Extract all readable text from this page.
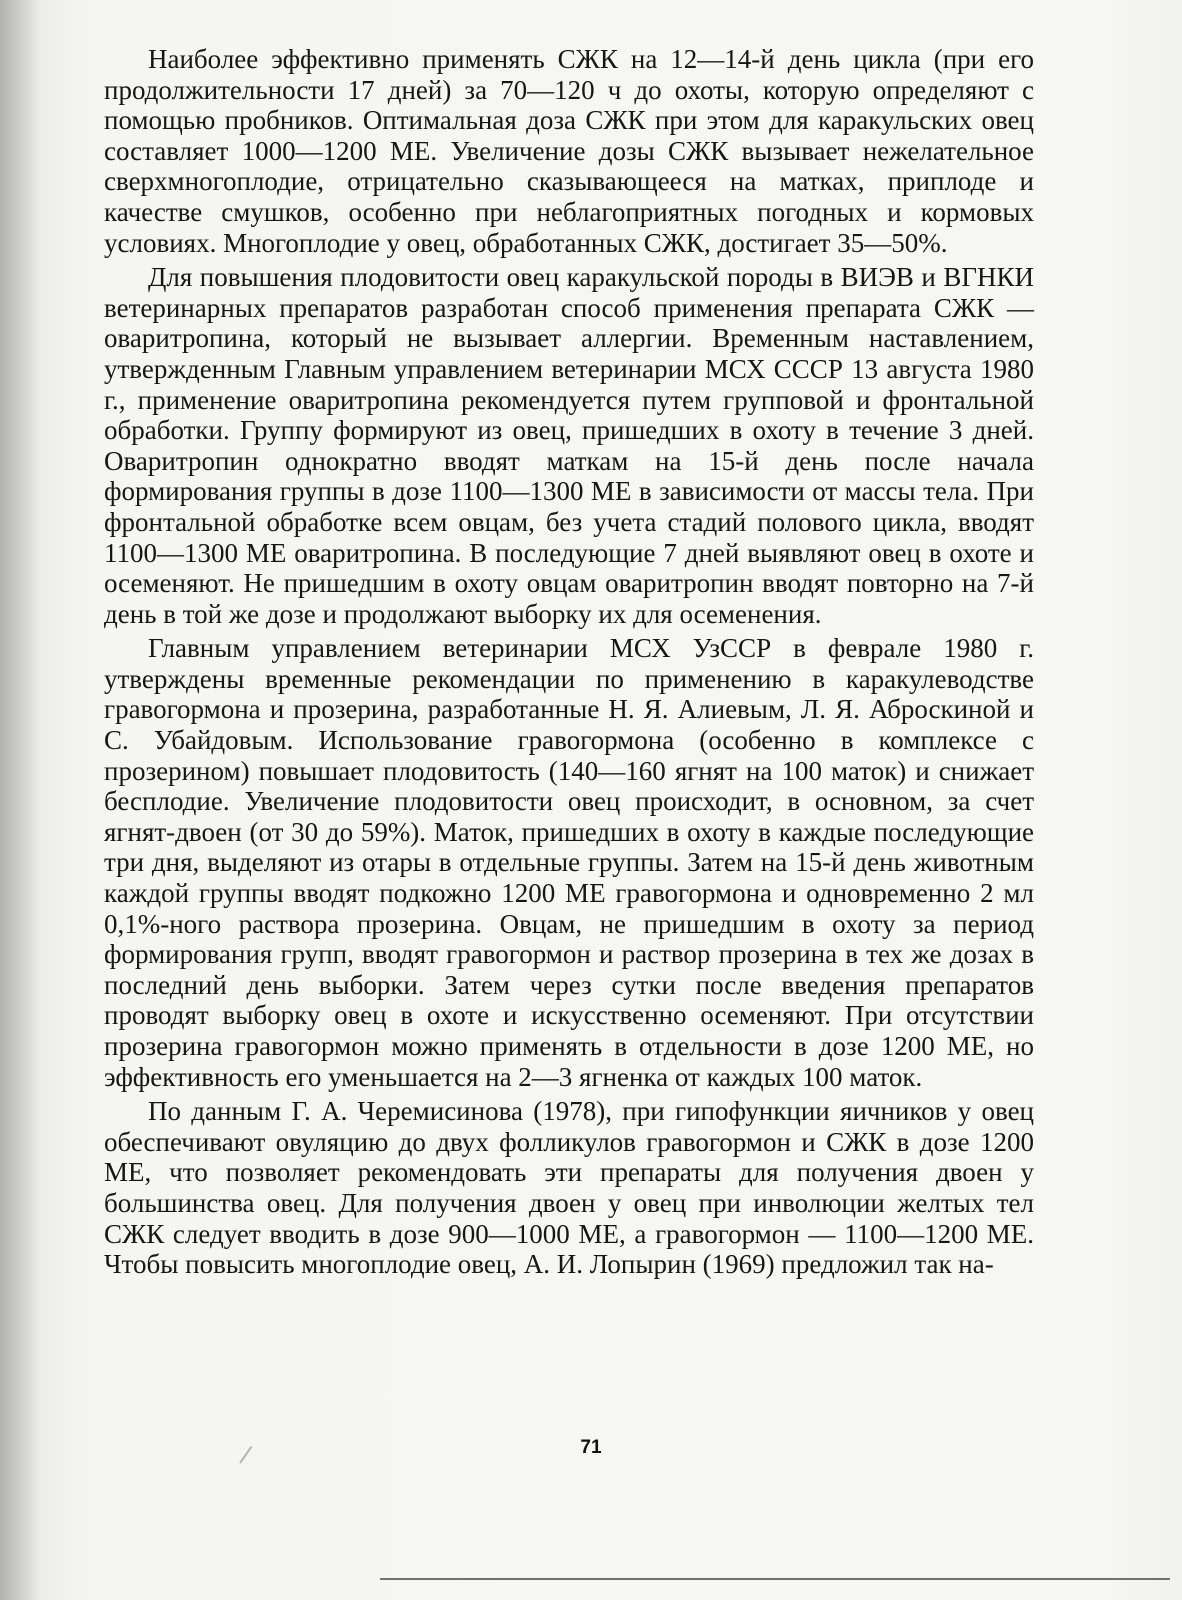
Наиболее эффективно применять СЖК на 12—14-й день цикла (при его продолжительности 17 дней) за 70—120 ч до охоты, которую определяют с помощью пробников. Оптимальная доза СЖК при этом для каракульских овец составляет 1000—1200 МЕ. Увеличение дозы СЖК вызывает нежелательное сверхмногоплодие, отрицательно сказывающееся на матках, приплоде и качестве смушков, особенно при неблагоприятных погодных и кормовых условиях. Многоплодие у овец, обработанных СЖК, достигает 35—50%.

Для повышения плодовитости овец каракульской породы в ВИЭВ и ВГНКИ ветеринарных препаратов разработан способ применения препарата СЖК — оваритропина, который не вызывает аллергии. Временным наставлением, утвержденным Главным управлением ветеринарии МСХ СССР 13 августа 1980 г., применение оваритропина рекомендуется путем групповой и фронтальной обработки. Группу формируют из овец, пришедших в охоту в течение 3 дней. Оваритропин однократно вводят маткам на 15-й день после начала формирования группы в дозе 1100—1300 МЕ в зависимости от массы тела. При фронтальной обработке всем овцам, без учета стадий полового цикла, вводят 1100—1300 МЕ оваритропина. В последующие 7 дней выявляют овец в охоте и осеменяют. Не пришедшим в охоту овцам оваритропин вводят повторно на 7-й день в той же дозе и продолжают выборку их для осеменения.

Главным управлением ветеринарии МСХ УзССР в феврале 1980 г. утверждены временные рекомендации по применению в каракулеводстве гравогормона и прозерина, разработанные Н. Я. Алиевым, Л. Я. Аброскиной и С. Убайдовым. Использование гравогормона (особенно в комплексе с прозерином) повышает плодовитость (140—160 ягнят на 100 маток) и снижает бесплодие. Увеличение плодовитости овец происходит, в основном, за счет ягнят-двоен (от 30 до 59%). Маток, пришедших в охоту в каждые последующие три дня, выделяют из отары в отдельные группы. Затем на 15-й день животным каждой группы вводят подкожно 1200 МЕ гравогормона и одновременно 2 мл 0,1%-ного раствора прозерина. Овцам, не пришедшим в охоту за период формирования групп, вводят гравогормон и раствор прозерина в тех же дозах в последний день выборки. Затем через сутки после введения препаратов проводят выборку овец в охоте и искусственно осеменяют. При отсутствии прозерина гравогормон можно применять в отдельности в дозе 1200 МЕ, но эффективность его уменьшается на 2—3 ягненка от каждых 100 маток.

По данным Г. А. Черемисинова (1978), при гипофункции яичников у овец обеспечивают овуляцию до двух фолликулов гравогормон и СЖК в дозе 1200 МЕ, что позволяет рекомендовать эти препараты для получения двоен у большинства овец. Для получения двоен у овец при инволюции желтых тел СЖК следует вводить в дозе 900—1000 МЕ, а гравогормон — 1100—1200 МЕ. Чтобы повысить многоплодие овец, А. И. Лопырин (1969) предложил так на-

71
